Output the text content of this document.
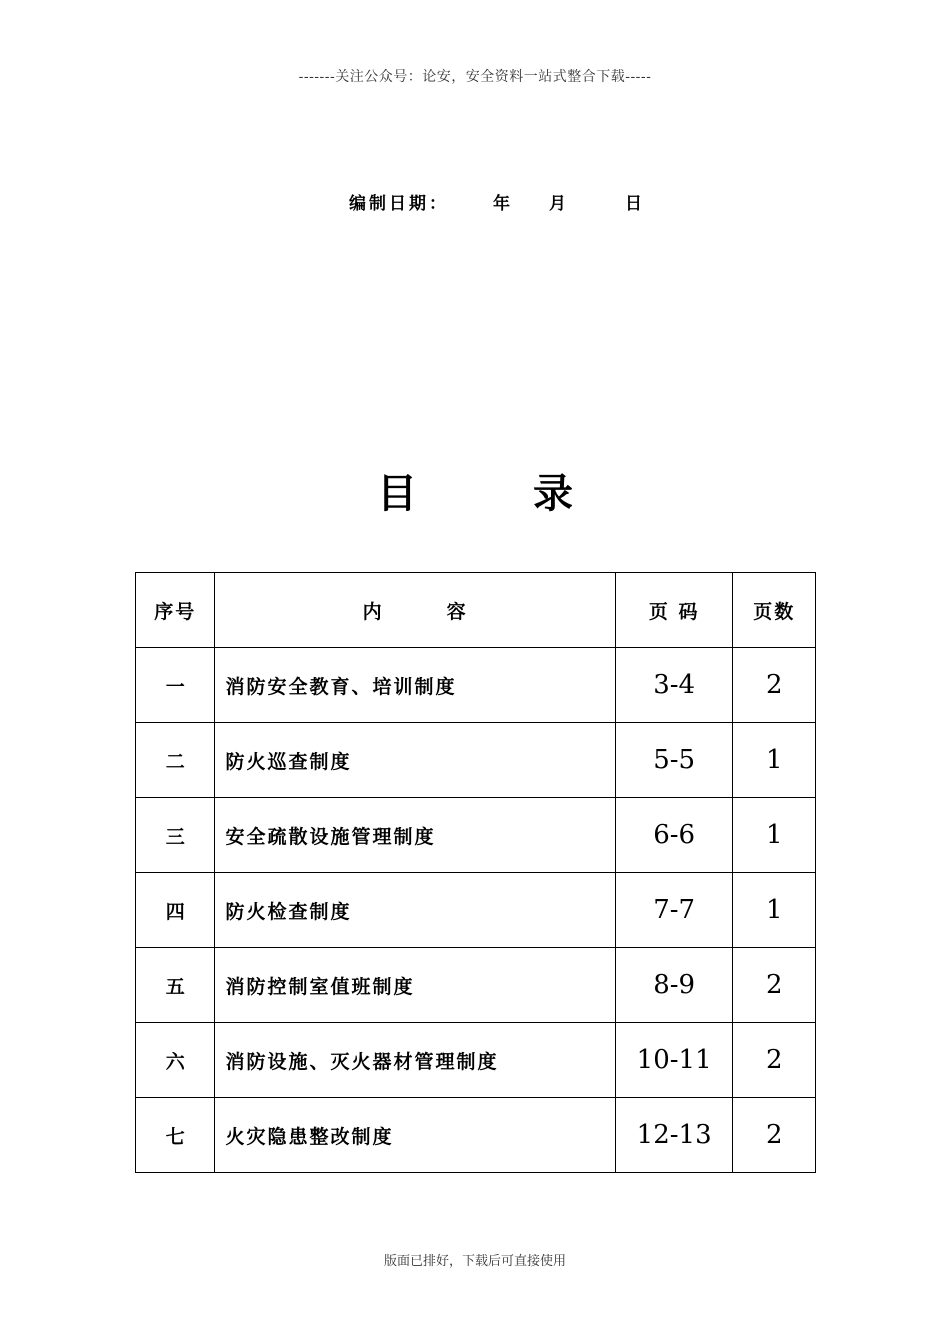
-------关注公众号：论安，安全资料一站式整合下载-----
编制日期：	年 月	日
目	录
序号	内　　　容	页 码	页数
一	消防安全教育、培训制度	3-4	2
二	防火巡查制度	5-5	1
三	安全疏散设施管理制度	6-6	1
四	防火检查制度	7-7	1
五	消防控制室值班制度	8-9	2
六	消防设施、灭火器材管理制度	10-11	2
七	火灾隐患整改制度	12-13	2
版面已排好，下载后可直接使用
